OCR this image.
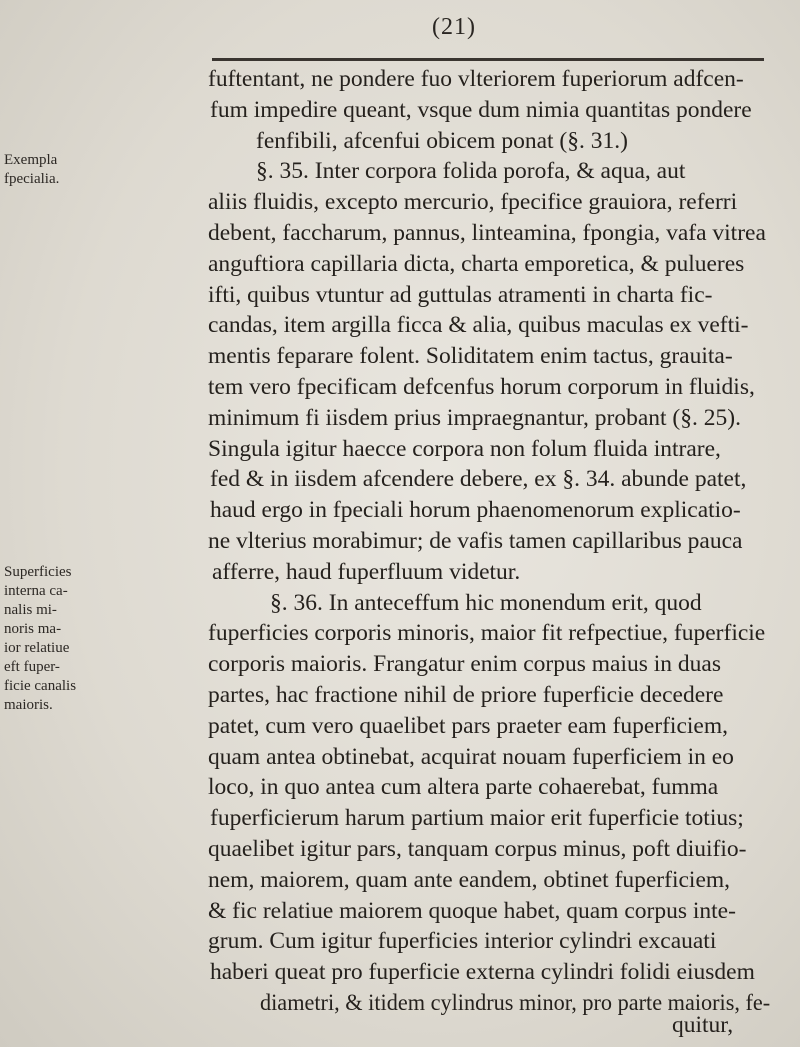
(21)
fuftentant, ne pondere fuo vlteriorem fuperiorum adfcen-
fum impedire queant, vsque dum nimia quantitas pondere
fenfibili, afcenfui obicem ponat (§. 31.)
§. 35. Inter corpora folida porofa, & aqua, aut
aliis fluidis, excepto mercurio, fpecifice grauiora, referri
debent, faccharum, pannus, linteamina, fpongia, vafa vitrea
anguftiora capillaria dicta, charta emporetica, & pulueres
ifti, quibus vtuntur ad guttulas atramenti in charta fic-
candas, item argilla ficca & alia, quibus maculas ex vefti-
mentis feparare folent. Soliditatem enim tactus, grauita-
tem vero fpecificam defcenfus horum corporum in fluidis,
minimum fi iisdem prius impraegnantur, probant (§. 25).
Singula igitur haecce corpora non folum fluida intrare,
fed & in iisdem afcendere debere, ex §. 34. abunde patet,
haud ergo in fpeciali horum phaenomenorum explicatio-
ne vlterius morabimur; de vafis tamen capillaribus pauca
afferre, haud fuperfluum videtur.
§. 36. In anteceffum hic monendum erit, quod
fuperficies corporis minoris, maior fit refpectiue, fuperficie
corporis maioris. Frangatur enim corpus maius in duas
partes, hac fractione nihil de priore fuperficie decedere
patet, cum vero quaelibet pars praeter eam fuperficiem,
quam antea obtinebat, acquirat nouam fuperficiem in eo
loco, in quo antea cum altera parte cohaerebat, fumma
fuperficierum harum partium maior erit fuperficie totius;
quaelibet igitur pars, tanquam corpus minus, poft diuifio-
nem, maiorem, quam ante eandem, obtinet fuperficiem,
& fic relatiue maiorem quoque habet, quam corpus inte-
grum. Cum igitur fuperficies interior cylindri excauati
haberi queat pro fuperficie externa cylindri folidi eiusdem
diametri, & itidem cylindrus minor, pro parte maioris, fe-
Exempla
fpecialia.
Superficies
interna ca-
nalis mi-
noris ma-
ior relatiue
eft fuper-
ficie canalis
maioris.
quitur,
